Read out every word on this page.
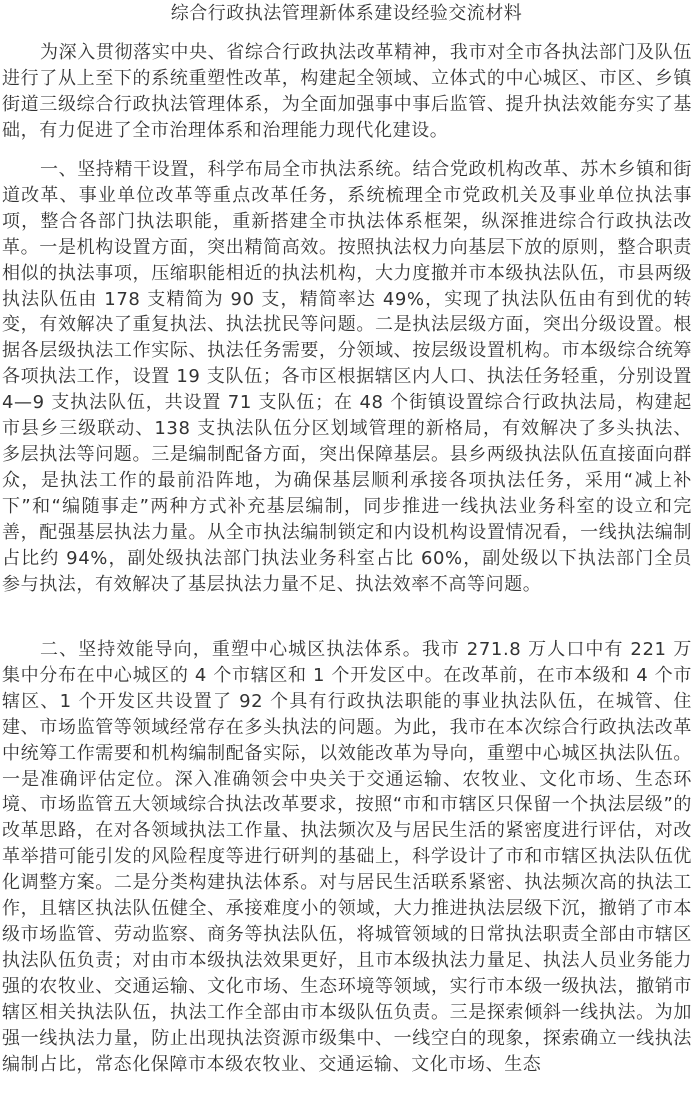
综合行政执法管理新体系建设经验交流材料

为深入贯彻落实中央、省综合行政执法改革精神，我市对全市各执法部门及队伍进行了从上至下的系统重塑性改革，构建起全领域、立体式的中心城区、市区、乡镇街道三级综合行政执法管理体系，为全面加强事中事后监管、提升执法效能夯实了基础，有力促进了全市治理体系和治理能力现代化建设。

一、坚持精干设置，科学布局全市执法系统。结合党政机构改革、苏木乡镇和街道改革、事业单位改革等重点改革任务，系统梳理全市党政机关及事业单位执法事项，整合各部门执法职能，重新搭建全市执法体系框架，纵深推进综合行政执法改革。一是机构设置方面，突出精简高效。按照执法权力向基层下放的原则，整合职责相似的执法事项，压缩职能相近的执法机构，大力度撤并市本级执法队伍，市县两级执法队伍由 178 支精简为 90 支，精简率达 49%，实现了执法队伍由有到优的转变，有效解决了重复执法、执法扰民等问题。二是执法层级方面，突出分级设置。根据各层级执法工作实际、执法任务需要，分领域、按层级设置机构。市本级综合统筹各项执法工作，设置 19 支队伍；各市区根据辖区内人口、执法任务轻重，分别设置 4—9 支执法队伍，共设置 71 支队伍；在 48 个街镇设置综合行政执法局，构建起市县乡三级联动、138 支执法队伍分区划域管理的新格局，有效解决了多头执法、多层执法等问题。三是编制配备方面，突出保障基层。县乡两级执法队伍直接面向群众，是执法工作的最前沿阵地，为确保基层顺利承接各项执法任务，采用“减上补下”和“编随事走”两种方式补充基层编制，同步推进一线执法业务科室的设立和完善，配强基层执法力量。从全市执法编制锁定和内设机构设置情况看，一线执法编制占比约 94%，副处级执法部门执法业务科室占比 60%，副处级以下执法部门全员参与执法，有效解决了基层执法力量不足、执法效率不高等问题。

二、坚持效能导向，重塑中心城区执法体系。我市 271.8 万人口中有 221 万集中分布在中心城区的 4 个市辖区和 1 个开发区中。在改革前，在市本级和 4 个市辖区、1 个开发区共设置了 92 个具有行政执法职能的事业执法队伍，在城管、住建、市场监管等领域经常存在多头执法的问题。为此，我市在本次综合行政执法改革中统筹工作需要和机构编制配备实际，以效能改革为导向，重塑中心城区执法队伍。一是准确评估定位。深入准确领会中央关于交通运输、农牧业、文化市场、生态环境、市场监管五大领域综合执法改革要求，按照“市和市辖区只保留一个执法层级”的改革思路，在对各领域执法工作量、执法频次及与居民生活的紧密度进行评估，对改革举措可能引发的风险程度等进行研判的基础上，科学设计了市和市辖区执法队伍优化调整方案。二是分类构建执法体系。对与居民生活联系紧密、执法频次高的执法工作，且辖区执法队伍健全、承接难度小的领域，大力推进执法层级下沉，撤销了市本级市场监管、劳动监察、商务等执法队伍，将城管领域的日常执法职责全部由市辖区执法队伍负责；对由市本级执法效果更好，且市本级执法力量足、执法人员业务能力强的农牧业、交通运输、文化市场、生态环境等领域，实行市本级一级执法，撤销市辖区相关执法队伍，执法工作全部由市本级队伍负责。三是探索倾斜一线执法。为加强一线执法力量，防止出现执法资源市级集中、一线空白的现象，探索确立一线执法编制占比，常态化保障市本级农牧业、交通运输、文化市场、生态
